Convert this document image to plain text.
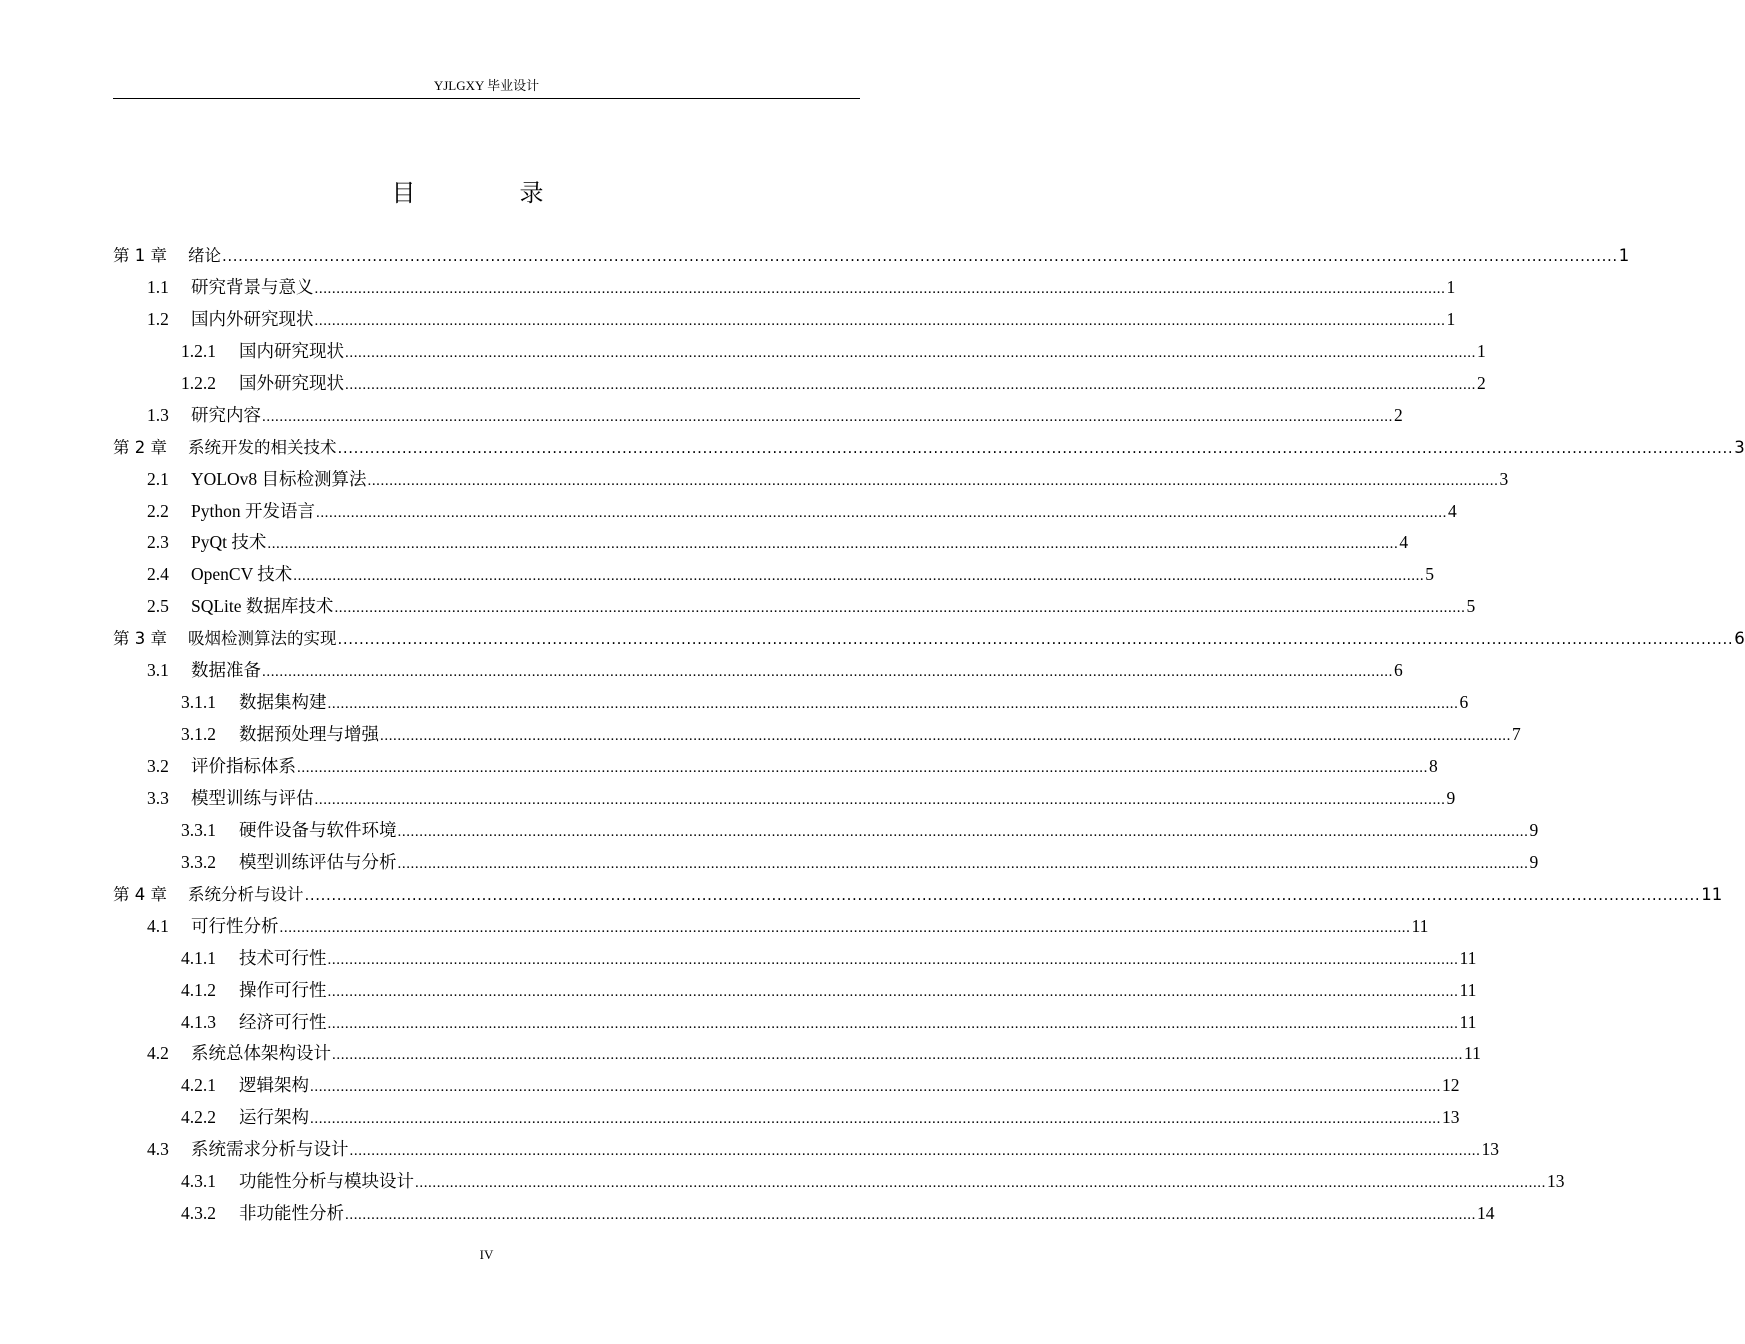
YJLGXY 毕业设计
目　录
第 1 章	绪论 .................................................................................................................................................................................................................................................................... 1
1.1	研究背景与意义 .................................................................................................................................................................................................................................................................... 1
1.2	国内外研究现状 .................................................................................................................................................................................................................................................................... 1
1.2.1	国内研究现状 .................................................................................................................................................................................................................................................................... 1
1.2.2	国外研究现状 .................................................................................................................................................................................................................................................................... 2
1.3	研究内容 .................................................................................................................................................................................................................................................................... 2
第 2 章	系统开发的相关技术 .................................................................................................................................................................................................................................................................... 3
2.1	YOLOv8 目标检测算法 .................................................................................................................................................................................................................................................................... 3
2.2	Python 开发语言 .................................................................................................................................................................................................................................................................... 4
2.3	PyQt 技术 .................................................................................................................................................................................................................................................................... 4
2.4	OpenCV 技术 .................................................................................................................................................................................................................................................................... 5
2.5	SQLite 数据库技术 .................................................................................................................................................................................................................................................................... 5
第 3 章	吸烟检测算法的实现 .................................................................................................................................................................................................................................................................... 6
3.1	数据准备 .................................................................................................................................................................................................................................................................... 6
3.1.1	数据集构建 .................................................................................................................................................................................................................................................................... 6
3.1.2	数据预处理与增强 .................................................................................................................................................................................................................................................................... 7
3.2	评价指标体系 .................................................................................................................................................................................................................................................................... 8
3.3	模型训练与评估 .................................................................................................................................................................................................................................................................... 9
3.3.1	硬件设备与软件环境 .................................................................................................................................................................................................................................................................... 9
3.3.2	模型训练评估与分析 .................................................................................................................................................................................................................................................................... 9
第 4 章	系统分析与设计 .................................................................................................................................................................................................................................................................... 11
4.1	可行性分析 .................................................................................................................................................................................................................................................................... 11
4.1.1	技术可行性 .................................................................................................................................................................................................................................................................... 11
4.1.2	操作可行性 .................................................................................................................................................................................................................................................................... 11
4.1.3	经济可行性 .................................................................................................................................................................................................................................................................... 11
4.2	系统总体架构设计 .................................................................................................................................................................................................................................................................... 11
4.2.1	逻辑架构 .................................................................................................................................................................................................................................................................... 12
4.2.2	运行架构 .................................................................................................................................................................................................................................................................... 13
4.3	系统需求分析与设计 .................................................................................................................................................................................................................................................................... 13
4.3.1	功能性分析与模块设计 .................................................................................................................................................................................................................................................................... 13
4.3.2	非功能性分析 .................................................................................................................................................................................................................................................................... 14
IV
